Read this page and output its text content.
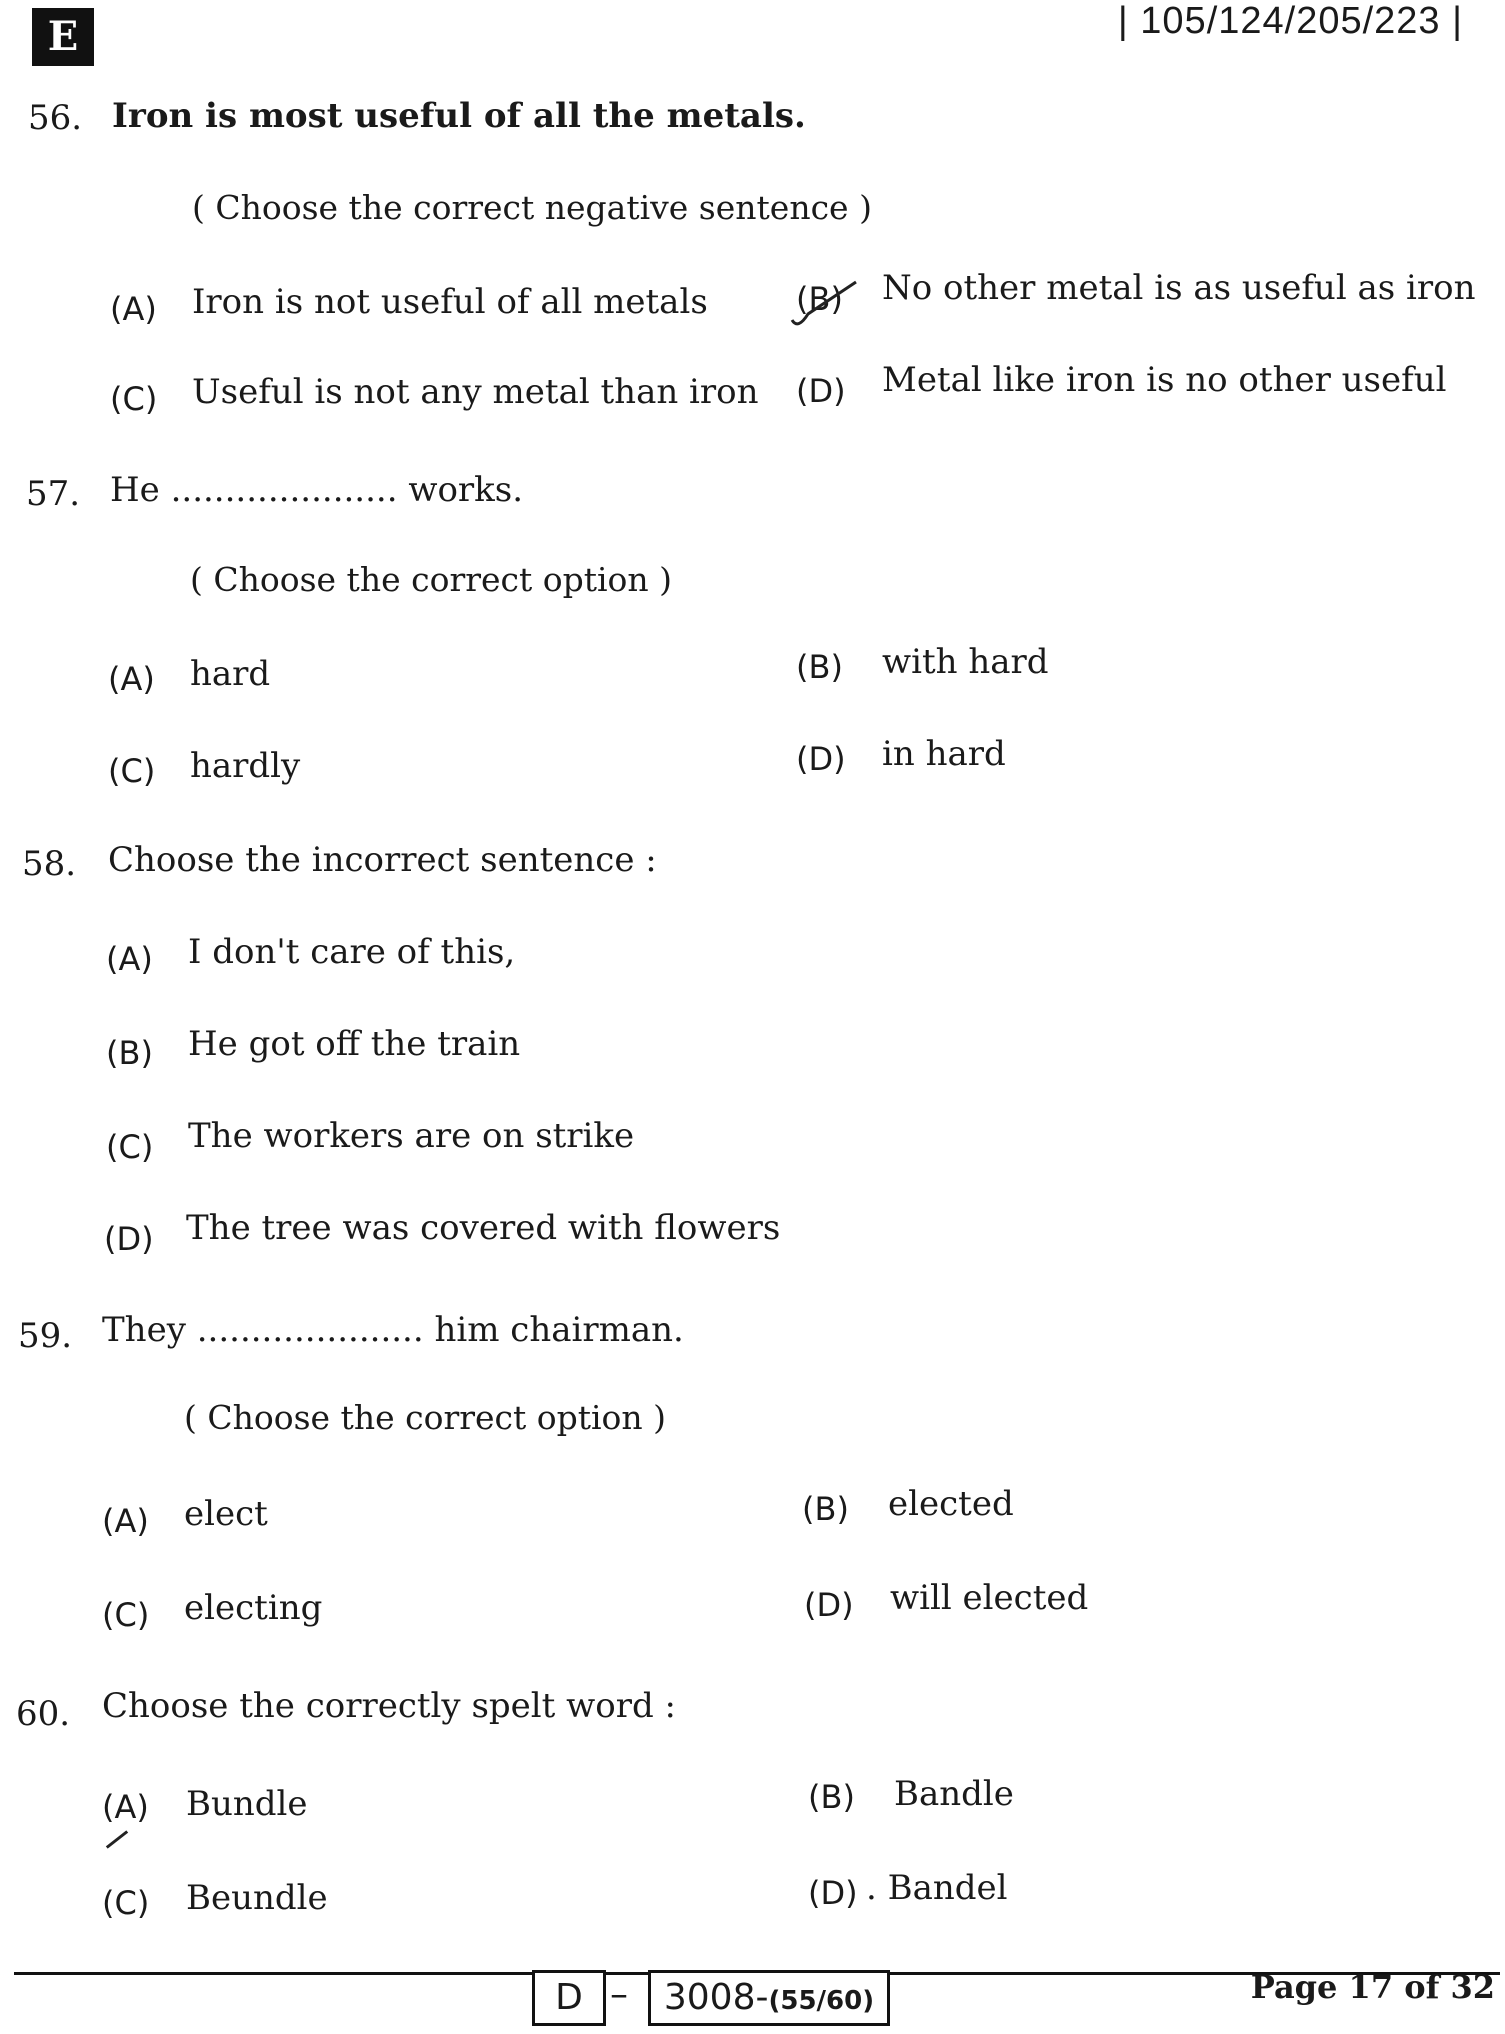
E	| 105/124/205/223 |
56. Iron is most useful of all the metals.
( Choose the correct negative sentence )
(A) Iron is not useful of all metals	(B) No other metal is as useful as iron
(C) Useful is not any metal than iron (D) Metal like iron is no other useful
57. He ..................... works.
( Choose the correct option )
(A) hard	(B) with hard
(C) hardly	(D) in hard
58. Choose the incorrect sentence :
(A) I don't care of this,
(B) He got off the train
(C) The workers are on strike
(D) The tree was covered with flowers
59. They ..................... him chairman.
( Choose the correct option )
(A) elect	(B) elected
(C) electing	(D) will elected
60. Choose the correctly spelt word :
(A) Bundle	(B) Bandle
(C) Beundle	(D) . Bandel
D – 3008-(55/60)	Page 17 of 32
